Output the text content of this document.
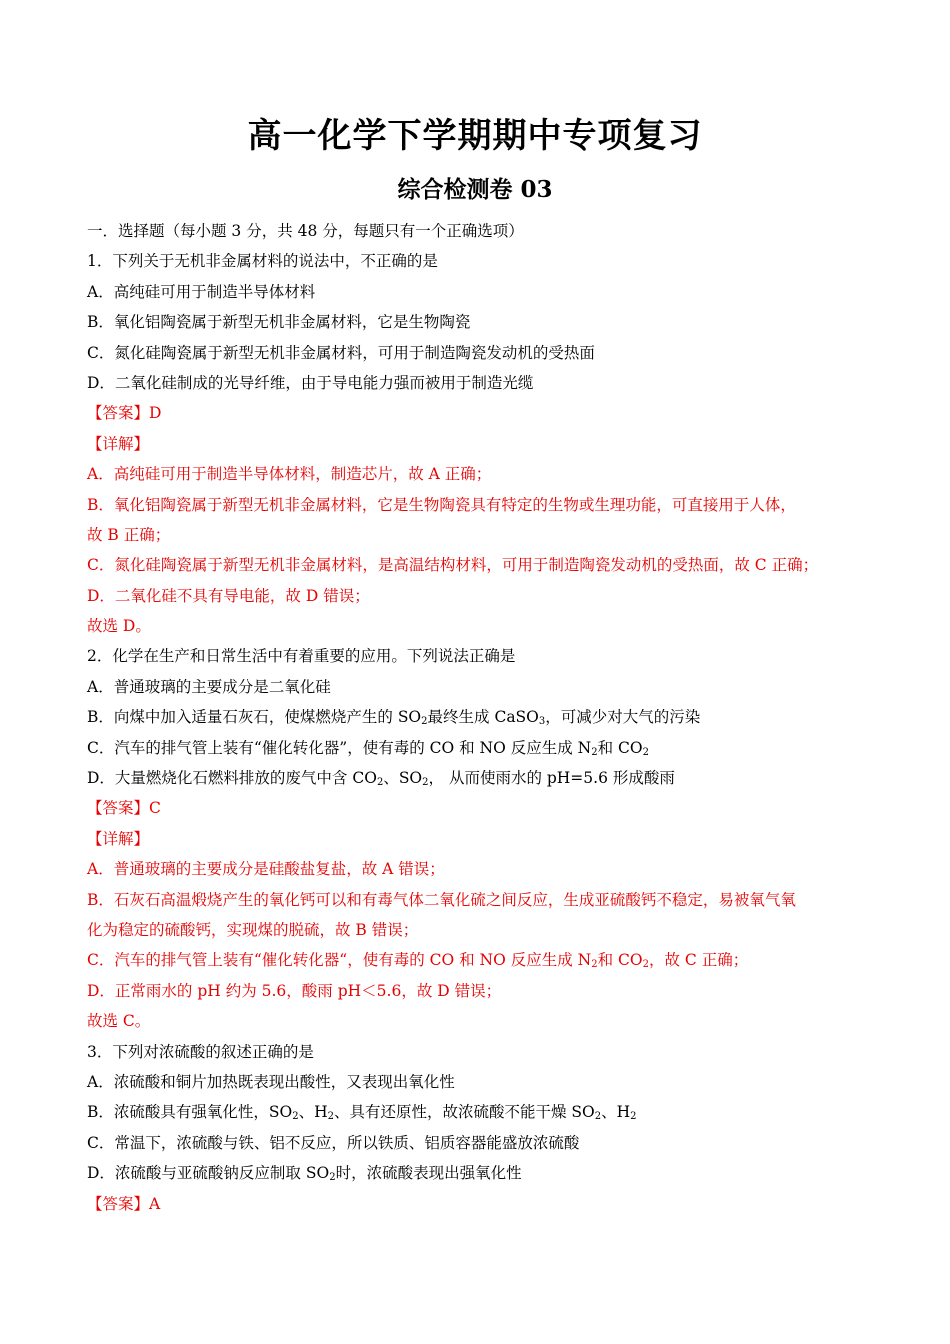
高一化学下学期期中专项复习
综合检测卷 03
一．选择题（每小题 3 分，共 48 分，每题只有一个正确选项）
1．下列关于无机非金属材料的说法中，不正确的是
A．高纯硅可用于制造半导体材料
B．氧化铝陶瓷属于新型无机非金属材料，它是生物陶瓷
C．氮化硅陶瓷属于新型无机非金属材料，可用于制造陶瓷发动机的受热面
D．二氧化硅制成的光导纤维，由于导电能力强而被用于制造光缆
【答案】D
【详解】
A．高纯硅可用于制造半导体材料，制造芯片，故 A 正确；
B．氧化铝陶瓷属于新型无机非金属材料，它是生物陶瓷具有特定的生物或生理功能，可直接用于人体，
故 B 正确；
C．氮化硅陶瓷属于新型无机非金属材料，是高温结构材料，可用于制造陶瓷发动机的受热面，故 C 正确；
D．二氧化硅不具有导电能，故 D 错误；
故选 D。
2．化学在生产和日常生活中有着重要的应用。下列说法正确是
A．普通玻璃的主要成分是二氧化硅
B．向煤中加入适量石灰石，使煤燃烧产生的 $SO_2$最终生成 CaSO$_3$，可减少对大气的污染
C．汽车的排气管上装有“催化转化器”，使有毒的 CO 和 NO 反应生成 $N_2$和 $CO_2$
D．大量燃烧化石燃料排放的废气中含 $CO_2$、$SO_2$， 从而使雨水的 pH=5.6 形成酸雨
【答案】C
【详解】
A．普通玻璃的主要成分是硅酸盐复盐，故 A 错误；
B．石灰石高温煅烧产生的氧化钙可以和有毒气体二氧化硫之间反应，生成亚硫酸钙不稳定，易被氧气氧
化为稳定的硫酸钙，实现煤的脱硫，故 B 错误；
C．汽车的排气管上装有“催化转化器“，使有毒的 CO 和 NO 反应生成 $N_2$和 $CO_2$，故 C 正确；
D．正常雨水的 pH 约为 5.6，酸雨 pH＜5.6，故 D 错误；
故选 C。
3．下列对浓硫酸的叙述正确的是
A．浓硫酸和铜片加热既表现出酸性，又表现出氧化性
B．浓硫酸具有强氧化性，$SO_2$、$H_2$、具有还原性，故浓硫酸不能干燥 $SO_2$、$H_2$
C．常温下，浓硫酸与铁、铝不反应，所以铁质、铝质容器能盛放浓硫酸
D．浓硫酸与亚硫酸钠反应制取 $SO_2$时，浓硫酸表现出强氧化性
【答案】A
